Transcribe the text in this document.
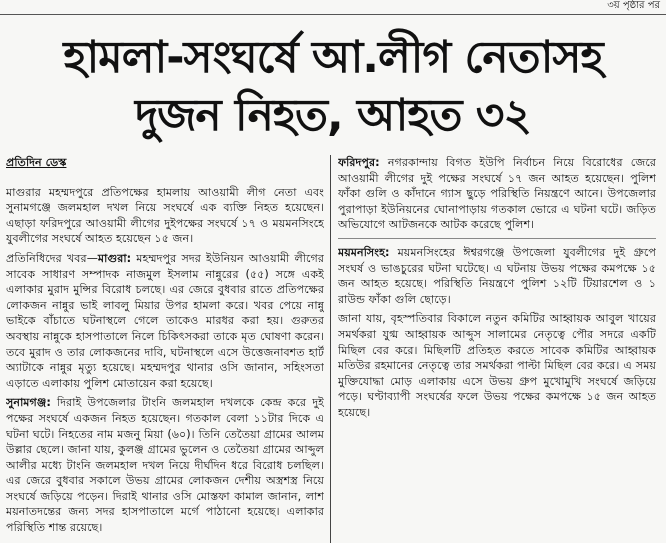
৩য় পৃষ্ঠার পর
হামলা-সংঘর্ষে আ.লীগ নেতাসহ
দুজন নিহত, আহত ৩২

প্রতিদিন ডেস্ক

মাগুরার মহম্মদপুরে প্রতিপক্ষের হামলায় আওয়ামী লীগ নেতা এবং সুনামগঞ্জে জলমহাল দখল নিয়ে সংঘর্ষে এক ব্যক্তি নিহত হয়েছেন। এছাড়া ফরিদপুরে আওয়ামী লীগের দুইপক্ষের সংঘর্ষে ১৭ ও ময়মনসিংহে যুবলীগের সংঘর্ষে আহত হয়েছেন ১৫ জন।

প্রতিনিধিদের খবর—মাগুরা: মহম্মদপুর সদর ইউনিয়ন আওয়ামী লীগের সাবেক সাধারণ সম্পাদক নাজমুল ইসলাম নান্নুরের (৫৫) সঙ্গে একই এলাকার মুরাদ মুন্সির বিরোধ চলছে। এর জেরে বুধবার রাতে প্রতিপক্ষের লোকজন নান্নুর ভাই লাবলু মিয়ার উপর হামলা করে। খবর পেয়ে নান্নু ভাইকে বাঁচাতে ঘটনাস্থলে গেলে তাকেও মারধর করা হয়। গুরুতর অবস্থায় নান্নুকে হাসপাতালে নিলে চিকিৎসকরা তাকে মৃত ঘোষণা করেন। তবে মুরাদ ও তার লোকজনের দাবি, ঘটনাস্থলে এসে উত্তেজনাবশত হার্ট অ্যাটাকে নান্নুর মৃত্যু হয়েছে। মহম্মদপুর থানার ওসি জানান, সহিংসতা এড়াতে এলাকায় পুলিশ মোতায়েন করা হয়েছে।

সুনামগঞ্জ: দিরাই উপজেলার টাংনি জলমহাল দখলকে কেন্দ্র করে দুই পক্ষের সংঘর্ষে একজন নিহত হয়েছেন। গতকাল বেলা ১১টার দিকে এ ঘটনা ঘটে। নিহতের নাম মজনু মিয়া (৬০)। তিনি তেতৈয়া গ্রামের আলম উল্লার ছেলে। জানা যায়, কুলঞ্জ গ্রামের ভুলেন ও তেতৈয়া গ্রামের আব্দুল আলীর মধ্যে টাংনি জলমহাল দখল নিয়ে দীর্ঘদিন ধরে বিরোধ চলছিল। এর জেরে বুধবার সকালে উভয় গ্রামের লোকজন দেশীয় অস্ত্রশস্ত্র নিয়ে সংঘর্ষে জড়িয়ে পড়েন। দিরাই থানার ওসি মোস্তফা কামাল জানান, লাশ ময়নাতদন্তের জন্য সদর হাসপাতালে মর্গে পাঠানো হয়েছে। এলাকার পরিস্থিতি শান্ত রয়েছে।

ফরিদপুর: নগরকান্দায় বিগত ইউপি নির্বাচন নিয়ে বিরোধের জেরে আওয়ামী লীগের দুই পক্ষের সংঘর্ষে ১৭ জন আহত হয়েছেন। পুলিশ ফাঁকা গুলি ও কাঁদানে গ্যাস ছুড়ে পরিস্থিতি নিয়ন্ত্রণে আনে। উপজেলার পুরাপাড়া ইউনিয়নের ঘোনাপাড়ায় গতকাল ভোরে এ ঘটনা ঘটে। জড়িত অভিযোগে আটজনকে আটক করেছে পুলিশ।

ময়মনসিংহ: ময়মনসিংহের ঈশ্বরগঞ্জে উপজেলা যুবলীগের দুই গ্রুপে সংঘর্ষ ও ভাঙচুরের ঘটনা ঘটেছে। এ ঘটনায় উভয় পক্ষের কমপক্ষে ১৫ জন আহত হয়েছে। পরিস্থিতি নিয়ন্ত্রণে পুলিশ ১২টি টিয়ারশেল ও ১ রাউন্ড ফাঁকা গুলি ছোড়ে।

জানা যায়, বৃহস্পতিবার বিকালে নতুন কমিটির আহ্বায়ক আবুল খায়ের সমর্থকরা যুগ্ম আহ্বায়ক আব্দুস সালামের নেতৃত্বে পৌর সদরে একটি মিছিল বের করে। মিছিলটি প্রতিহত করতে সাবেক কমিটির আহ্বায়ক মতিউর রহমানের নেতৃত্বে তার সমর্থকরা পাল্টা মিছিল বের করে। এ সময় মুক্তিযোদ্ধা মোড় এলাকায় এসে উভয় গ্রুপ মুখোমুখি সংঘর্ষে জড়িয়ে পড়ে। ঘণ্টাব্যাপী সংঘর্ষের ফলে উভয় পক্ষের কমপক্ষে ১৫ জন আহত হয়েছে।
